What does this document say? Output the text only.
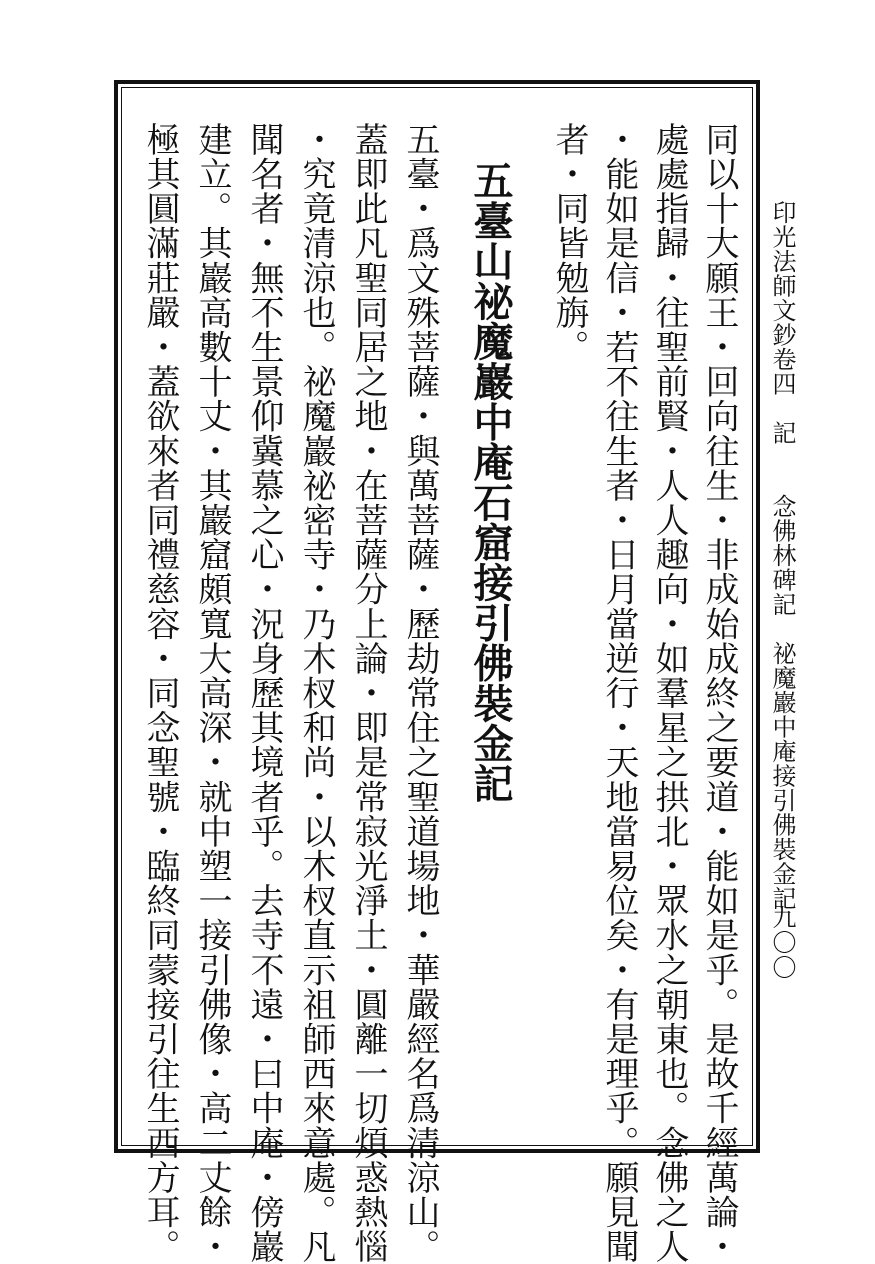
印光法師文鈔卷四　記　　念佛林碑記　祕魔巖中庵接引佛裝金記
九〇〇
同以十大願王・回向往生・非成始成終之要道・能如是乎。是故千經萬論・
處處指歸・往聖前賢・人人趣向・如羣星之拱北・眾水之朝東也。念佛之人
・能如是信・若不往生者・日月當逆行・天地當易位矣・有是理乎。願見聞
者・同皆勉旃。
五臺山祕魔巖中庵石窟接引佛裝金記
五臺・爲文殊菩薩・與萬菩薩・歷劫常住之聖道場地・華嚴經名爲清涼山。
蓋即此凡聖同居之地・在菩薩分上論・即是常寂光淨土・圓離一切煩惑熱惱
・究竟清涼也。祕魔巖祕密寺・乃木杈和尚・以木杈直示祖師西來意處。凡
聞名者・無不生景仰冀慕之心・況身歷其境者乎。去寺不遠・曰中庵・傍巖
建立。其巖高數十丈・其巖窟頗寬大高深・就中塑一接引佛像・高二丈餘・
極其圓滿莊嚴・蓋欲來者同禮慈容・同念聖號・臨終同蒙接引往生西方耳。
